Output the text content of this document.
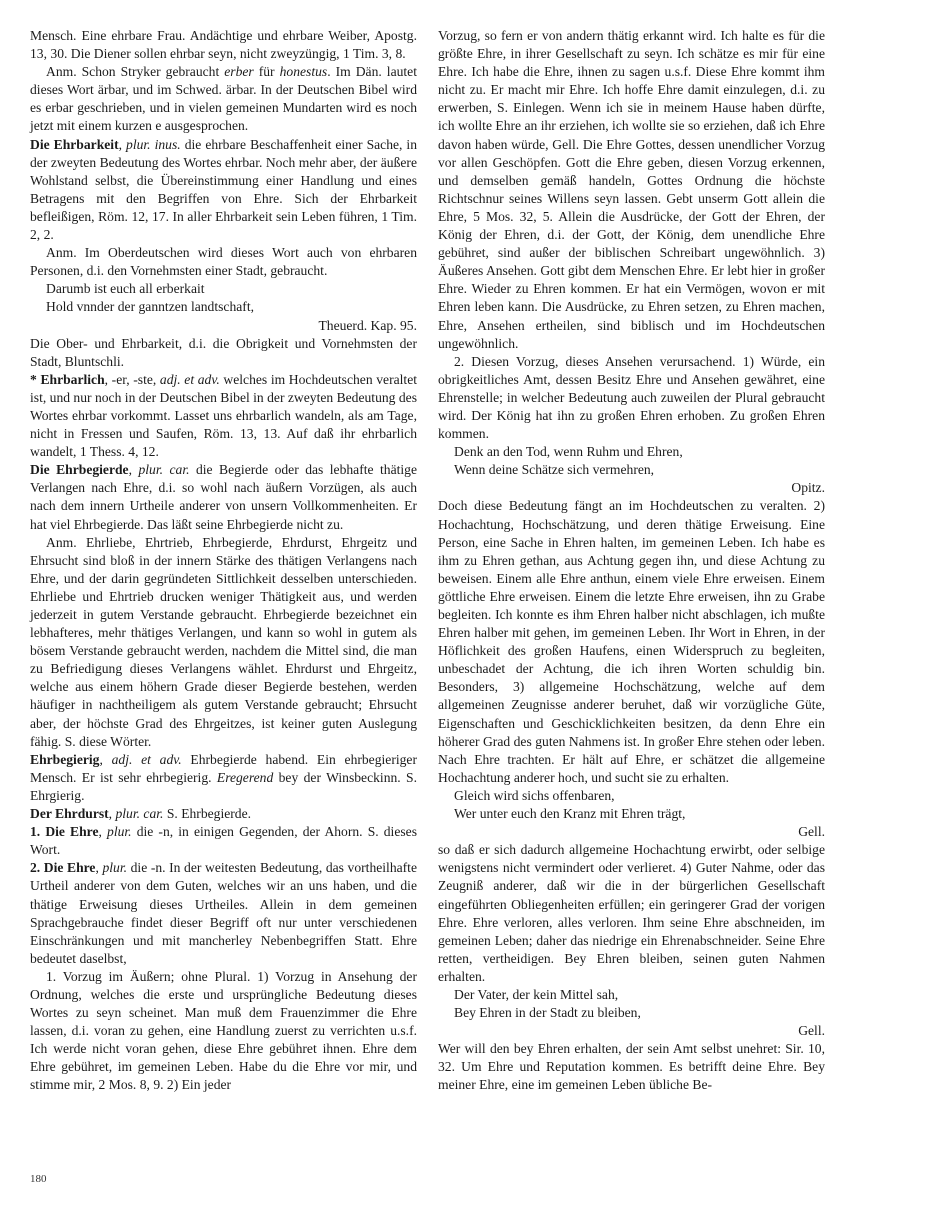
Mensch. Eine ehrbare Frau. Andächtige und ehrbare Weiber, Apostg. 13, 30. Die Diener sollen ehrbar seyn, nicht zweyzüngig, 1 Tim. 3, 8.

Anm. Schon Stryker gebraucht erber für honestus. Im Dän. lautet dieses Wort ärbar, und im Schwed. ärbar. In der Deutschen Bibel wird es erbar geschrieben, und in vielen gemeinen Mundarten wird es noch jetzt mit einem kurzen e ausgesprochen.

Die Ehrbarkeit, plur. inus. die ehrbare Beschaffenheit einer Sache, in der zweyten Bedeutung des Wortes ehrbar. Noch mehr aber, der äußere Wohlstand selbst, die Übereinstimmung einer Handlung und eines Betragens mit den Begriffen von Ehre. Sich der Ehrbarkeit befleißigen, Röm. 12, 17. In aller Ehrbarkeit sein Leben führen, 1 Tim. 2, 2.

Anm. Im Oberdeutschen wird dieses Wort auch von ehrbaren Personen, d.i. den Vornehmsten einer Stadt, gebraucht.

Darumb ist euch all erberkait

Hold vnnder der ganntzen landtschaft,

Theuerd. Kap. 95.

Die Ober- und Ehrbarkeit, d.i. die Obrigkeit und Vornehmsten der Stadt, Bluntschli.

* Ehrbarlich, -er, -ste, adj. et adv. welches im Hochdeutschen veraltet ist, und nur noch in der Deutschen Bibel in der zweyten Bedeutung des Wortes ehrbar vorkommt. Lasset uns ehrbarlich wandeln, als am Tage, nicht in Fressen und Saufen, Röm. 13, 13. Auf daß ihr ehrbarlich wandelt, 1 Thess. 4, 12.

Die Ehrbegierde, plur. car. die Begierde oder das lebhafte thätige Verlangen nach Ehre, d.i. so wohl nach äußern Vorzügen, als auch nach dem innern Urtheile anderer von unsern Vollkommenheiten. Er hat viel Ehrbegierde. Das läßt seine Ehrbegierde nicht zu.

Anm. Ehrliebe, Ehrtrieb, Ehrbegierde, Ehrdurst, Ehrgeitz und Ehrsucht sind bloß in der innern Stärke des thätigen Verlangens nach Ehre, und der darin gegründeten Sittlichkeit desselben unterschieden. Ehrliebe und Ehrtrieb drucken weniger Thätigkeit aus, und werden jederzeit in gutem Verstande gebraucht. Ehrbegierde bezeichnet ein lebhafteres, mehr thätiges Verlangen, und kann so wohl in gutem als bösem Verstande gebraucht werden, nachdem die Mittel sind, die man zu Befriedigung dieses Verlangens wählet. Ehrdurst und Ehrgeitz, welche aus einem höhern Grade dieser Begierde bestehen, werden häufiger in nachtheiligem als gutem Verstande gebraucht; Ehrsucht aber, der höchste Grad des Ehrgeitzes, ist keiner guten Auslegung fähig. S. diese Wörter.

Ehrbegierig, adj. et adv. Ehrbegierde habend. Ein ehrbegieriger Mensch. Er ist sehr ehrbegierig. Eregerend bey der Winsbeckinn. S. Ehrgierig.

Der Ehrdurst, plur. car. S. Ehrbegierde.

1. Die Ehre, plur. die -n, in einigen Gegenden, der Ahorn. S. dieses Wort.

2. Die Ehre, plur. die -n. In der weitesten Bedeutung, das vortheilhafte Urtheil anderer von dem Guten, welches wir an uns haben, und die thätige Erweisung dieses Urtheiles. Allein in dem gemeinen Sprachgebrauche findet dieser Begriff oft nur unter verschiedenen Einschränkungen und mit mancherley Nebenbegriffen Statt. Ehre bedeutet daselbst,

1. Vorzug im Äußern; ohne Plural. 1) Vorzug in Ansehung der Ordnung, welches die erste und ursprüngliche Bedeutung dieses Wortes zu seyn scheinet. Man muß dem Frauenzimmer die Ehre lassen, d.i. voran zu gehen, eine Handlung zuerst zu verrichten u.s.f. Ich werde nicht voran gehen, diese Ehre gebühret ihnen. Ehre dem Ehre gebühret, im gemeinen Leben. Habe du die Ehre vor mir, und stimme mir, 2 Mos. 8, 9. 2) Ein jeder

Vorzug, so fern er von andern thätig erkannt wird. Ich halte es für die größte Ehre, in ihrer Gesellschaft zu seyn. Ich schätze es mir für eine Ehre. Ich habe die Ehre, ihnen zu sagen u.s.f. Diese Ehre kommt ihm nicht zu. Er macht mir Ehre. Ich hoffe Ehre damit einzulegen, d.i. zu erwerben, S. Einlegen. Wenn ich sie in meinem Hause haben dürfte, ich wollte Ehre an ihr erziehen, ich wollte sie so erziehen, daß ich Ehre davon haben würde, Gell. Die Ehre Gottes, dessen unendlicher Vorzug vor allen Geschöpfen. Gott die Ehre geben, diesen Vorzug erkennen, und demselben gemäß handeln, Gottes Ordnung die höchste Richtschnur seines Willens seyn lassen. Gebt unserm Gott allein die Ehre, 5 Mos. 32, 5. Allein die Ausdrücke, der Gott der Ehren, der König der Ehren, d.i. der Gott, der König, dem unendliche Ehre gebühret, sind außer der biblischen Schreibart ungewöhnlich. 3) Äußeres Ansehen. Gott gibt dem Menschen Ehre. Er lebt hier in großer Ehre. Wieder zu Ehren kommen. Er hat ein Vermögen, wovon er mit Ehren leben kann. Die Ausdrücke, zu Ehren setzen, zu Ehren machen, Ehre, Ansehen ertheilen, sind biblisch und im Hochdeutschen ungewöhnlich.

2. Diesen Vorzug, dieses Ansehen verursachend. 1) Würde, ein obrigkeitliches Amt, dessen Besitz Ehre und Ansehen gewähret, eine Ehrenstelle; in welcher Bedeutung auch zuweilen der Plural gebraucht wird. Der König hat ihn zu großen Ehren erhoben. Zu großen Ehren kommen.

Denk an den Tod, wenn Ruhm und Ehren,

Wenn deine Schätze sich vermehren,

Opitz.

Doch diese Bedeutung fängt an im Hochdeutschen zu veralten. 2) Hochachtung, Hochschätzung, und deren thätige Erweisung. Eine Person, eine Sache in Ehren halten, im gemeinen Leben. Ich habe es ihm zu Ehren gethan, aus Achtung gegen ihn, und diese Achtung zu beweisen. Einem alle Ehre anthun, einem viele Ehre erweisen. Einem göttliche Ehre erweisen. Einem die letzte Ehre erweisen, ihn zu Grabe begleiten. Ich konnte es ihm Ehren halber nicht abschlagen, ich mußte Ehren halber mit gehen, im gemeinen Leben. Ihr Wort in Ehren, in der Höflichkeit des großen Haufens, einen Widerspruch zu begleiten, unbeschadet der Achtung, die ich ihren Worten schuldig bin. Besonders, 3) allgemeine Hochschätzung, welche auf dem allgemeinen Zeugnisse anderer beruhet, daß wir vorzügliche Güte, Eigenschaften und Geschicklichkeiten besitzen, da denn Ehre ein höherer Grad des guten Nahmens ist. In großer Ehre stehen oder leben. Nach Ehre trachten. Er hält auf Ehre, er schätzet die allgemeine Hochachtung anderer hoch, und sucht sie zu erhalten.

Gleich wird sichs offenbaren,

Wer unter euch den Kranz mit Ehren trägt,

Gell.

so daß er sich dadurch allgemeine Hochachtung erwirbt, oder selbige wenigstens nicht vermindert oder verlieret. 4) Guter Nahme, oder das Zeugniß anderer, daß wir die in der bürgerlichen Gesellschaft eingeführten Obliegenheiten erfüllen; ein geringerer Grad der vorigen Ehre. Ehre verloren, alles verloren. Ihm seine Ehre abschneiden, im gemeinen Leben; daher das niedrige ein Ehrenabschneider. Seine Ehre retten, vertheidigen. Bey Ehren bleiben, seinen guten Nahmen erhalten.

Der Vater, der kein Mittel sah,

Bey Ehren in der Stadt zu bleiben,

Gell.

Wer will den bey Ehren erhalten, der sein Amt selbst unehret: Sir. 10, 32. Um Ehre und Reputation kommen. Es betrifft deine Ehre. Bey meiner Ehre, eine im gemeinen Leben übliche Be-

180
